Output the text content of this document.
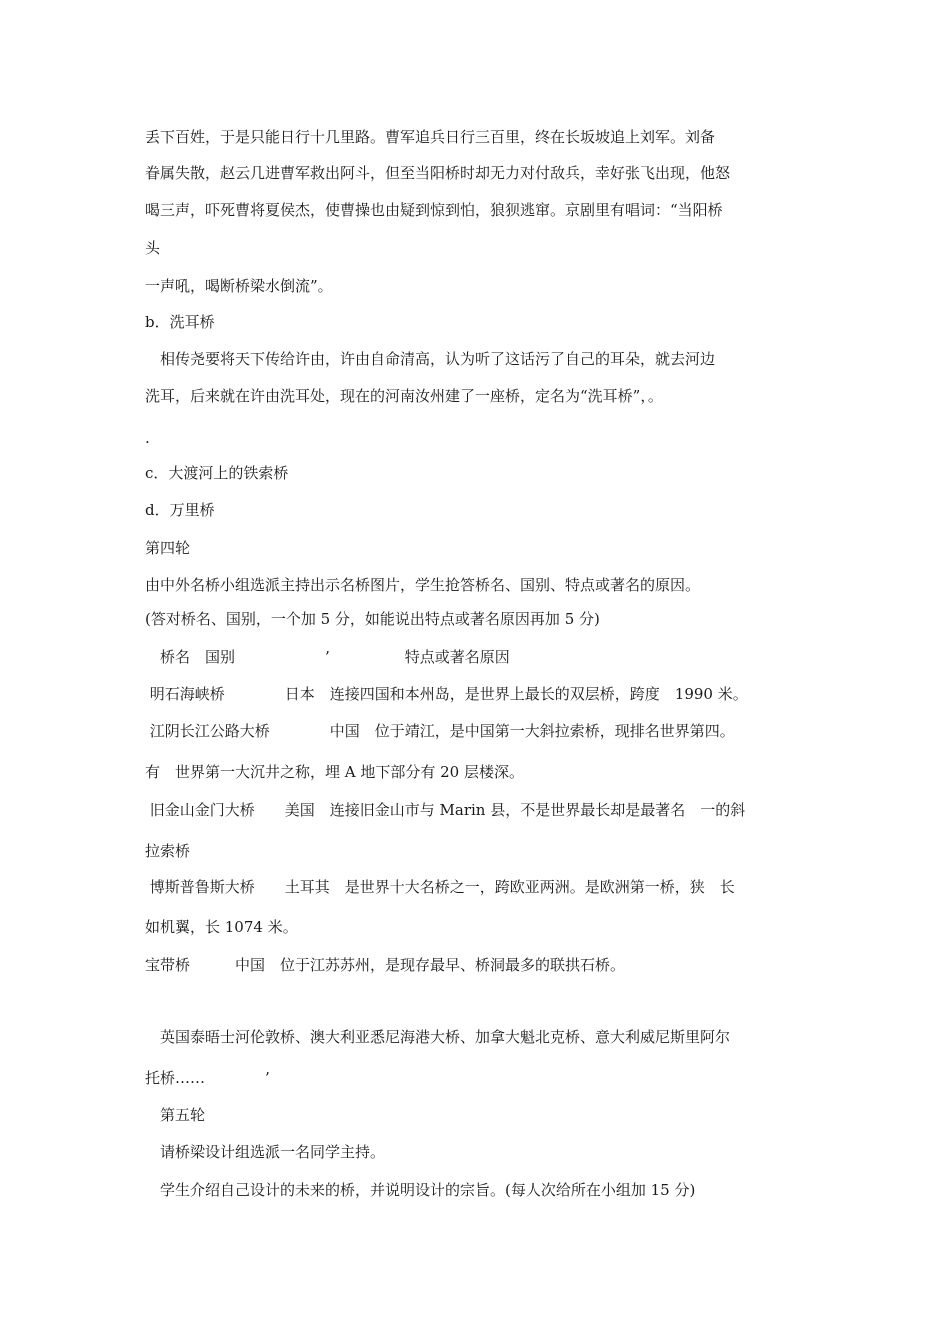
丢下百姓，于是只能日行十几里路。曹军追兵日行三百里，终在长坂坡追上刘军。刘备
眷属失散，赵云几进曹军救出阿斗，但至当阳桥时却无力对付敌兵，幸好张飞出现，他怒
喝三声，吓死曹将夏侯杰，使曹操也由疑到惊到怕，狼狈逃窜。京剧里有唱词：“当阳桥
头
一声吼，喝断桥梁水倒流”。
b．洗耳桥
　相传尧要将天下传给许由，许由自命清高，认为听了这话污了自己的耳朵，就去河边
洗耳，后来就在许由洗耳处，现在的河南汝州建了一座桥，定名为“洗耳桥”，。
.
c．大渡河上的铁索桥
d．万里桥
第四轮
由中外名桥小组选派主持出示名桥图片，学生抢答桥名、国别、特点或著名的原因。
(答对桥名、国别，一个加 5 分，如能说出特点或著名原因再加 5 分)
　桥名　国别　　　　　　’　　　　　特点或著名原因
明石海峡桥　　　　日本　连接四国和本州岛，是世界上最长的双层桥，跨度　1990 米。
江阴长江公路大桥　　　　中国　位于靖江，是中国第一大斜拉索桥，现排名世界第四。
有　世界第一大沉井之称，埋 A 地下部分有 20 层楼深。
旧金山金门大桥　　美国　连接旧金山市与 Marin 县，不是世界最长却是最著名　一的斜
拉索桥
博斯普鲁斯大桥　　土耳其　是世界十大名桥之一，跨欧亚两洲。是欧洲第一桥，狭　长
如机翼，长 1074 米。
宝带桥　　　中国　位于江苏苏州，是现存最早、桥洞最多的联拱石桥。
　英国泰晤士河伦敦桥、澳大利亚悉尼海港大桥、加拿大魁北克桥、意大利威尼斯里阿尔
托桥……　　　　’
　第五轮
　请桥梁设计组选派一名同学主持。
　学生介绍自己设计的未来的桥，并说明设计的宗旨。(每人次给所在小组加 15 分)
